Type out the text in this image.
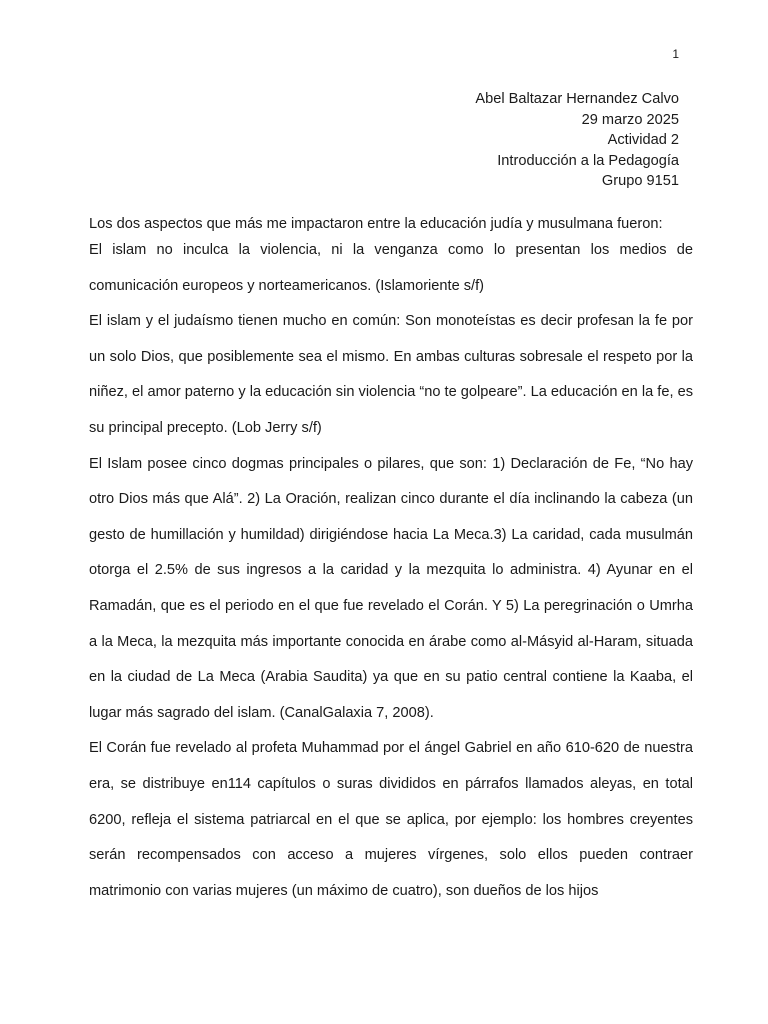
1
Abel Baltazar Hernandez Calvo
29 marzo 2025
Actividad 2
Introducción a la Pedagogía
Grupo 9151

Los dos aspectos que más me impactaron entre la educación judía y musulmana fueron:

El islam no inculca la violencia, ni la venganza como lo presentan los medios de comunicación europeos y norteamericanos. (Islamoriente s/f)

El islam y el judaísmo tienen mucho en común: Son monoteístas es decir profesan la fe por un solo Dios, que posiblemente sea el mismo. En ambas culturas sobresale el respeto por la niñez, el amor paterno y la educación sin violencia “no te golpeare”. La educación en la fe, es su principal precepto. (Lob Jerry s/f)

El Islam posee cinco dogmas principales o pilares, que son: 1) Declaración de Fe, “No hay otro Dios más que Alá”. 2) La Oración, realizan cinco durante el día inclinando la cabeza (un gesto de humillación y humildad) dirigiéndose hacia La Meca.3) La caridad, cada musulmán otorga el 2.5% de sus ingresos a la caridad y la mezquita lo administra. 4) Ayunar en el Ramadán, que es el periodo en el que fue revelado el Corán. Y 5) La peregrinación o Umrha a la Meca, la mezquita más importante conocida en árabe como al-Másyid al-Haram, situada en la ciudad de La Meca (Arabia Saudita) ya que en su patio central contiene la Kaaba, el lugar más sagrado del islam. (CanalGalaxia 7, 2008).

El Corán fue revelado al profeta Muhammad por el ángel Gabriel en año 610-620 de nuestra era, se distribuye en114 capítulos o suras divididos en párrafos llamados aleyas, en total 6200, refleja el sistema patriarcal en el que se aplica, por ejemplo: los hombres creyentes serán recompensados con acceso a mujeres vírgenes, solo ellos pueden contraer matrimonio con varias mujeres (un máximo de cuatro), son dueños de los hijos
